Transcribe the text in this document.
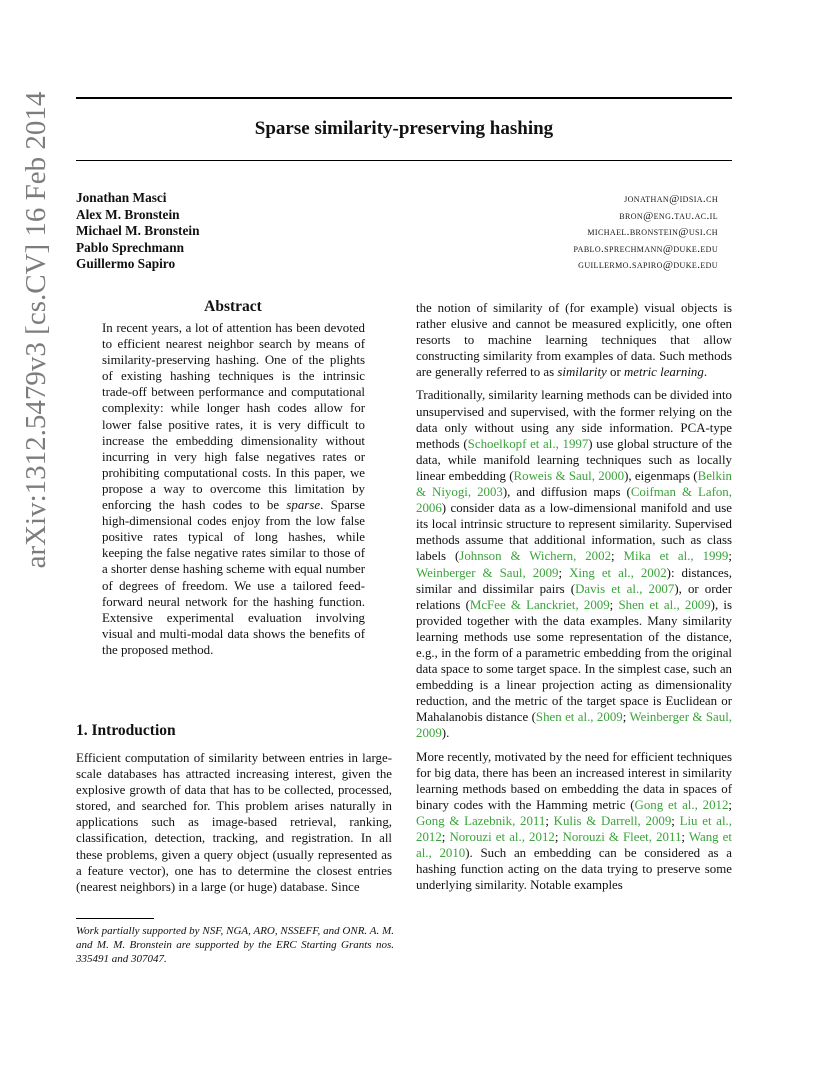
Sparse similarity-preserving hashing
Jonathan Masci
Alex M. Bronstein
Michael M. Bronstein
Pablo Sprechmann
Guillermo Sapiro
jonathan@idsia.ch
bron@eng.tau.ac.il
michael.bronstein@usi.ch
pablo.sprechmann@duke.edu
guillermo.sapiro@duke.edu
arXiv:1312.5479v3 [cs.CV] 16 Feb 2014	Abstract

In recent years, a lot of attention has been devoted to efficient nearest neighbor search by means of similarity-preserving hashing. One of the plights of existing hashing techniques is the intrinsic trade-off between performance and computational complexity: while longer hash codes allow for lower false positive rates, it is very difficult to increase the embedding dimensionality without incurring in very high false negatives rates or prohibiting computational costs. In this paper, we propose a way to overcome this limitation by enforcing the hash codes to be sparse. Sparse high-dimensional codes enjoy from the low false positive rates typical of long hashes, while keeping the false negative rates similar to those of a shorter dense hashing scheme with equal number of degrees of freedom. We use a tailored feed-forward neural network for the hashing function. Extensive experimental evaluation involving visual and multi-modal data shows the benefits of the proposed method.

1. Introduction

Efficient computation of similarity between entries in large-scale databases has attracted increasing interest, given the explosive growth of data that has to be collected, processed, stored, and searched for. This problem arises naturally in applications such as image-based retrieval, ranking, classification, detection, tracking, and registration. In all these problems, given a query object (usually represented as a feature vector), one has to determine the closest entries (nearest neighbors) in a large (or huge) database. Since

Work partially supported by NSF, NGA, ARO, NSSEFF, and ONR. A. M. and M. M. Bronstein are supported by the ERC Starting Grants nos. 335491 and 307047.

the notion of similarity of (for example) visual objects is rather elusive and cannot be measured explicitly, one often resorts to machine learning techniques that allow constructing similarity from examples of data. Such methods are generally referred to as similarity or metric learning.

Traditionally, similarity learning methods can be divided into unsupervised and supervised, with the former relying on the data only without using any side information. PCA-type methods (Schoelkopf et al., 1997) use global structure of the data, while manifold learning techniques such as locally linear embedding (Roweis & Saul, 2000), eigenmaps (Belkin & Niyogi, 2003), and diffusion maps (Coifman & Lafon, 2006) consider data as a low-dimensional manifold and use its local intrinsic structure to represent similarity. Supervised methods assume that additional information, such as class labels (Johnson & Wichern, 2002; Mika et al., 1999; Weinberger & Saul, 2009; Xing et al., 2002): distances, similar and dissimilar pairs (Davis et al., 2007), or order relations (McFee & Lanckriet, 2009; Shen et al., 2009), is provided together with the data examples. Many similarity learning methods use some representation of the distance, e.g., in the form of a parametric embedding from the original data space to some target space. In the simplest case, such an embedding is a linear projection acting as dimensionality reduction, and the metric of the target space is Euclidean or Mahalanobis distance (Shen et al., 2009; Weinberger & Saul, 2009).

More recently, motivated by the need for efficient techniques for big data, there has been an increased interest in similarity learning methods based on embedding the data in spaces of binary codes with the Hamming metric (Gong et al., 2012; Gong & Lazebnik, 2011; Kulis & Darrell, 2009; Liu et al., 2012; Norouzi et al., 2012; Norouzi & Fleet, 2011; Wang et al., 2010). Such an embedding can be considered as a hashing function acting on the data trying to preserve some underlying similarity. Notable examples
